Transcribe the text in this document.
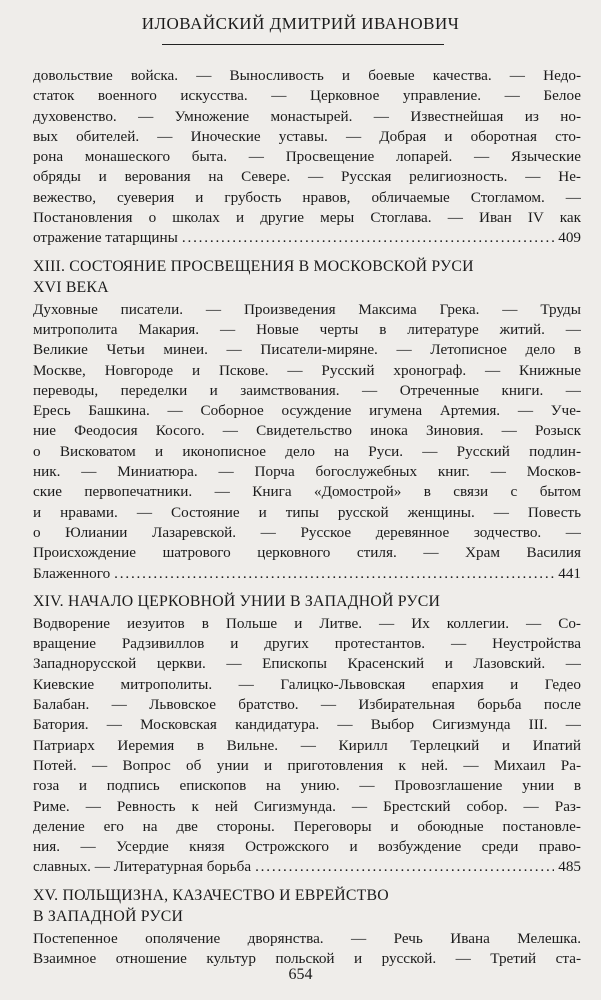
ИЛОВАЙСКИЙ ДМИТРИЙ ИВАНОВИЧ
довольствие войска. — Выносливость и боевые качества. — Недо-
статок военного искусства. — Церковное управление. — Белое
духовенство. — Умножение монастырей. — Известнейшая из но-
вых обителей. — Иноческие уставы. — Добрая и оборотная сто-
рона монашеского быта. — Просвещение лопарей. — Языческие
обряды и верования на Севере. — Русская религиозность. — Не-
вежество, суеверия и грубость нравов, обличаемые Стогламом. —
Постановления о школах и другие меры Стоглава. — Иван IV как
отражение татарщины . . .	409
XIII. СОСТОЯНИЕ ПРОСВЕЩЕНИЯ В МОСКОВСКОЙ РУСИ
XVI ВЕКА
Духовные писатели. — Произведения Максима Грека. — Труды
митрополита Макария. — Новые черты в литературе житий. —
Великие Четьи минеи. — Писатели-миряне. — Летописное дело в
Москве, Новгороде и Пскове. — Русский хронограф. — Книжные
переводы, переделки и заимствования. — Отреченные книги. —
Ересь Башкина. — Соборное осуждение игумена Артемия. — Уче-
ние Феодосия Косого. — Свидетельство инока Зиновия. — Розыск
о Висковатом и иконописное дело на Руси. — Русский подлин-
ник. — Миниатюра. — Порча богослужебных книг. — Москов-
ские первопечатники. — Книга «Домострой» в связи с бытом
и нравами. — Состояние и типы русской женщины. — Повесть
о Юлиании Лазаревской. — Русское деревянное зодчество. —
Происхождение шатрового церковного стиля. — Храм Василия
Блаженного . . .	441
XIV. НАЧАЛО ЦЕРКОВНОЙ УНИИ В ЗАПАДНОЙ РУСИ
Водворение иезуитов в Польше и Литве. — Их коллегии. — Со-
вращение Радзивиллов и других протестантов. — Неустройства
Западнорусской церкви. — Епископы Красенский и Лазовский. —
Киевские митрополиты. — Галицко-Львовская епархия и Гедео
Балабан. — Львовское братство. — Избирательная борьба после
Батория. — Московская кандидатура. — Выбор Сигизмунда III. —
Патриарх Иеремия в Вильне. — Кирилл Терлецкий и Ипатий
Потей. — Вопрос об унии и приготовления к ней. — Михаил Ра-
гоза и подпись епископов на унию. — Провозглашение унии в
Риме. — Ревность к ней Сигизмунда. — Брестский собор. — Раз-
деление его на две стороны. Переговоры и обоюдные постановле-
ния. — Усердие князя Острожского и возбуждение среди право-
славных. — Литературная борьба . . .	485
XV. ПОЛЬЩИЗНА, КАЗАЧЕСТВО И ЕВРЕЙСТВО
В ЗАПАДНОЙ РУСИ
Постепенное ополячение дворянства. — Речь Ивана Мелешка.
Взаимное отношение культур польской и русской. — Третий ста-
654
